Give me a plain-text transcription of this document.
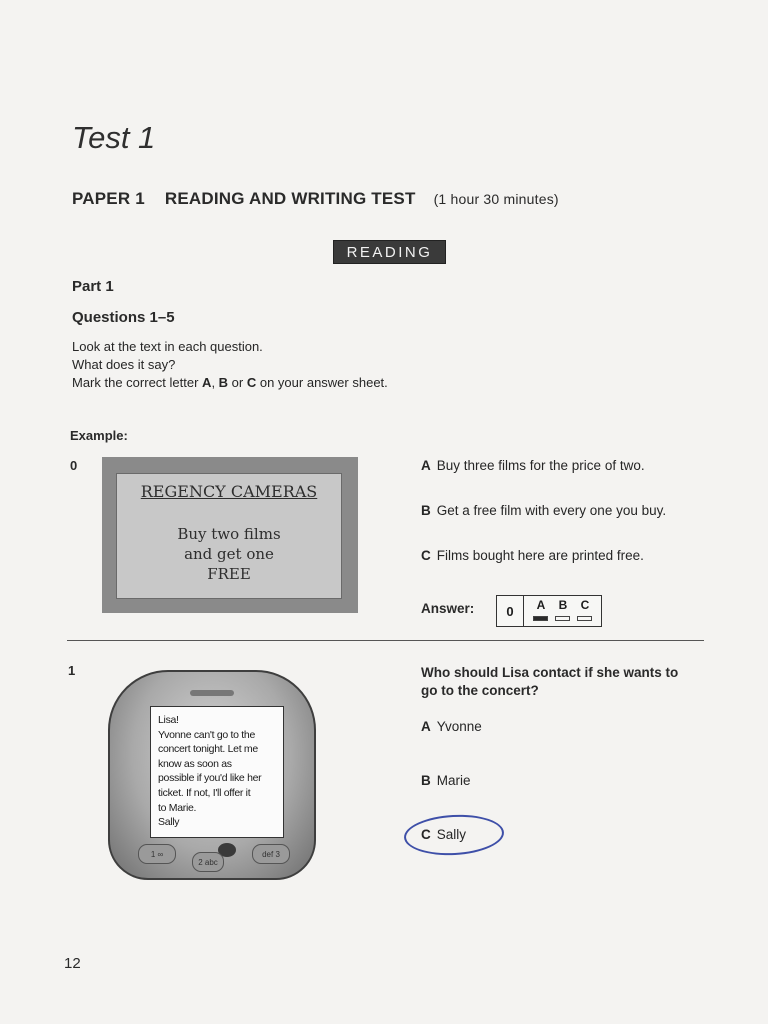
Test 1
PAPER 1 READING AND WRITING TEST (1 hour 30 minutes)
READING
Part 1
Questions 1–5
Look at the text in each question.
What does it say?
Mark the correct letter A, B or C on your answer sheet.
Example:
0
REGENCY CAMERAS
Buy two films
and get one
FREE
A Buy three films for the price of two.
B Get a free film with every one you buy.
C Films bought here are printed free.
Answer:	0	A B C
1
Lisa!
Yvonne can't go to the
concert tonight. Let me
know as soon as
possible if you'd like her
ticket. If not, I'll offer it
to Marie.
Sally
1 ∞
2 abc
def 3
Who should Lisa contact if she wants to
go to the concert?
A Yvonne
B Marie
C Sally
12
